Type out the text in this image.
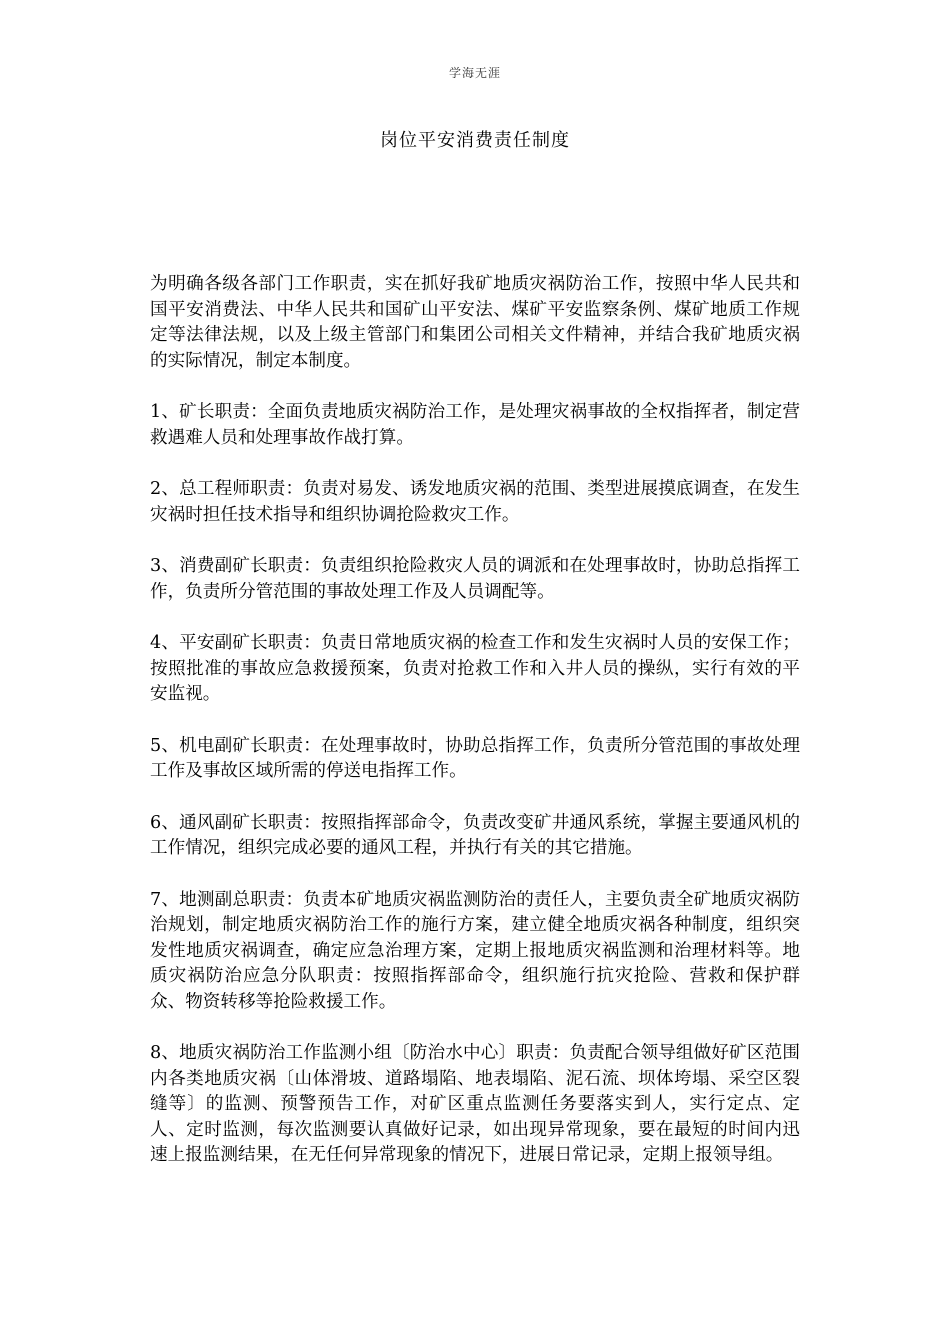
学海无涯
岗位平安消费责任制度

为明确各级各部门工作职责，实在抓好我矿地质灾祸防治工作，按照中华人民共和国平安消费法、中华人民共和国矿山平安法、煤矿平安监察条例、煤矿地质工作规定等法律法规，以及上级主管部门和集团公司相关文件精神，并结合我矿地质灾祸的实际情况，制定本制度。

1、矿长职责：全面负责地质灾祸防治工作，是处理灾祸事故的全权指挥者，制定营救遇难人员和处理事故作战打算。

2、总工程师职责：负责对易发、诱发地质灾祸的范围、类型进展摸底调查，在发生灾祸时担任技术指导和组织协调抢险救灾工作。

3、消费副矿长职责：负责组织抢险救灾人员的调派和在处理事故时，协助总指挥工作，负责所分管范围的事故处理工作及人员调配等。

4、平安副矿长职责：负责日常地质灾祸的检查工作和发生灾祸时人员的安保工作；按照批准的事故应急救援预案，负责对抢救工作和入井人员的操纵，实行有效的平安监视。

5、机电副矿长职责：在处理事故时，协助总指挥工作，负责所分管范围的事故处理工作及事故区域所需的停送电指挥工作。

6、通风副矿长职责：按照指挥部命令，负责改变矿井通风系统，掌握主要通风机的工作情况，组织完成必要的通风工程，并执行有关的其它措施。

7、地测副总职责：负责本矿地质灾祸监测防治的责任人，主要负责全矿地质灾祸防治规划，制定地质灾祸防治工作的施行方案，建立健全地质灾祸各种制度，组织突发性地质灾祸调查，确定应急治理方案，定期上报地质灾祸监测和治理材料等。地质灾祸防治应急分队职责：按照指挥部命令，组织施行抗灾抢险、营救和保护群众、物资转移等抢险救援工作。

8、地质灾祸防治工作监测小组〔防治水中心〕职责：负责配合领导组做好矿区范围内各类地质灾祸〔山体滑坡、道路塌陷、地表塌陷、泥石流、坝体垮塌、采空区裂缝等〕的监测、预警预告工作，对矿区重点监测任务要落实到人，实行定点、定人、定时监测，每次监测要认真做好记录，如出现异常现象，要在最短的时间内迅速上报监测结果，在无任何异常现象的情况下，进展日常记录，定期上报领导组。
